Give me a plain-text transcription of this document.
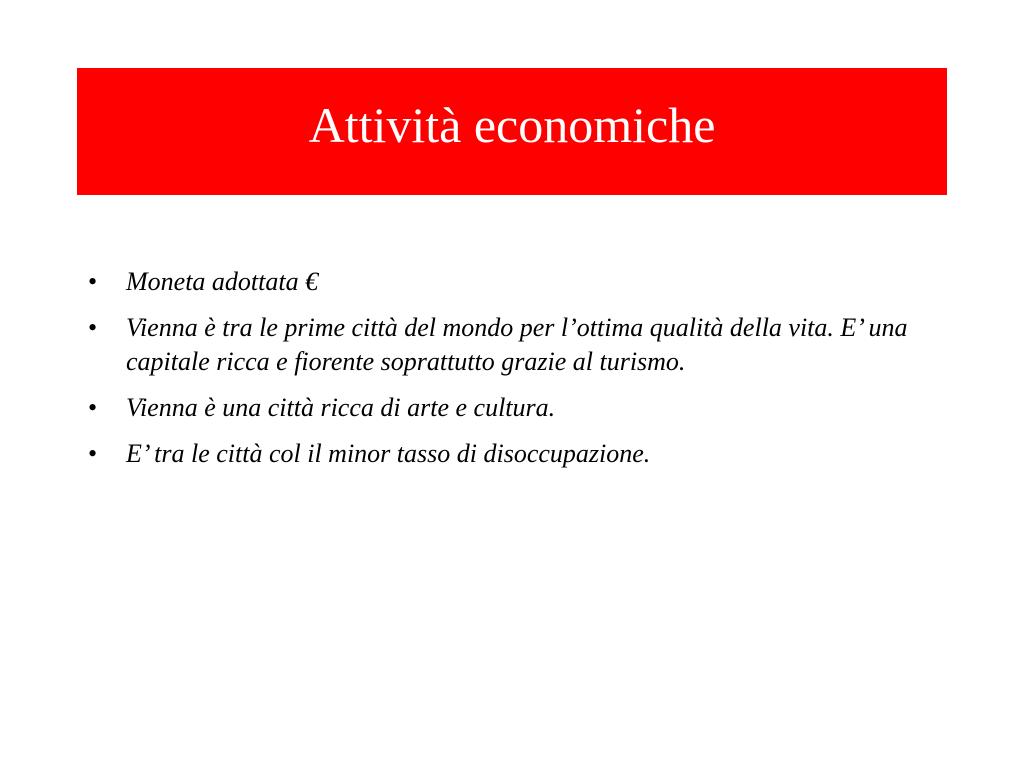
Attività economiche
• Moneta adottata €
• Vienna è tra le prime città del mondo per l’ottima qualità della vita. E’ una capitale ricca e fiorente soprattutto grazie al turismo.
• Vienna è una città ricca di arte e cultura.
• E’ tra le città col il minor tasso di disoccupazione.
